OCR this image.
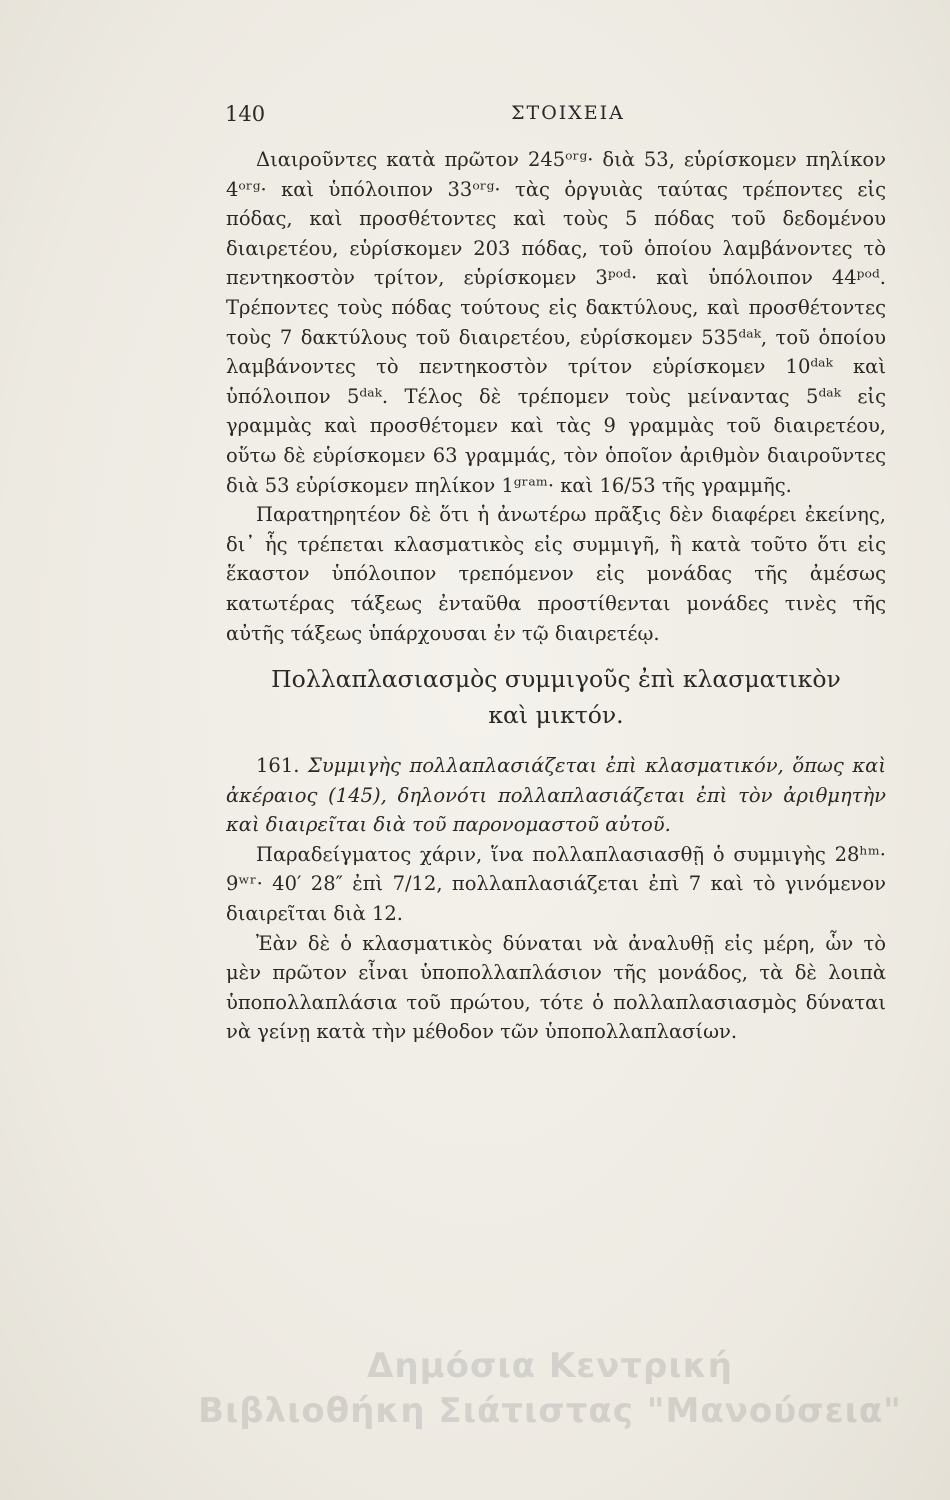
140	ΣΤΟΙΧΕΙΑ

Διαιροῦντες κατὰ πρῶτον 245ᵒʳᵍ· διὰ 53, εὑρίσκομεν πηλίκον 4ᵒʳᵍ· καὶ ὑπόλοιπον 33ᵒʳᵍ· τὰς ὀργυιὰς ταύτας τρέποντες εἰς πόδας, καὶ προσθέτοντες καὶ τοὺς 5 πόδας τοῦ δεδομένου διαιρετέου, εὑρίσκομεν 203 πόδας, τοῦ ὁποίου λαμβάνοντες τὸ πεντηκοστὸν τρίτον, εὑρίσκομεν 3ᵖᵒᵈ· καὶ ὑπόλοιπον 44ᵖᵒᵈ. Τρέποντες τοὺς πόδας τούτους εἰς δακτύλους, καὶ προσθέτοντες τοὺς 7 δακτύλους τοῦ διαιρετέου, εὑρίσκομεν 535ᵈᵃᵏ, τοῦ ὁποίου λαμβάνοντες τὸ πεντηκοστὸν τρίτον εὑρίσκομεν 10ᵈᵃᵏ καὶ ὑπόλοιπον 5ᵈᵃᵏ. Τέλος δὲ τρέπομεν τοὺς μείναντας 5ᵈᵃᵏ εἰς γραμμὰς καὶ προσθέτομεν καὶ τὰς 9 γραμμὰς τοῦ διαιρετέου, οὕτω δὲ εὑρίσκομεν 63 γραμμάς, τὸν ὁποῖον ἀριθμὸν διαιροῦντες διὰ 53 εὑρίσκομεν πηλίκον 1ᵍʳᵃᵐ· καὶ 16/53 τῆς γραμμῆς.

Παρατηρητέον δὲ ὅτι ἡ ἀνωτέρω πρᾶξις δὲν διαφέρει ἐκείνης, δι᾽ ἧς τρέπεται κλασματικὸς εἰς συμμιγῆ, ἢ κατὰ τοῦτο ὅτι εἰς ἕκαστον ὑπόλοιπον τρεπόμενον εἰς μονάδας τῆς ἀμέσως κατωτέρας τάξεως ἐνταῦθα προστίθενται μονάδες τινὲς τῆς αὐτῆς τάξεως ὑπάρχουσαι ἐν τῷ διαιρετέῳ.

Πολλαπλασιασμὸς συμμιγοῦς ἐπὶ κλασματικὸν
καὶ μικτόν.

161. Συμμιγὴς πολλαπλασιάζεται ἐπὶ κλασματικόν, ὅπως καὶ ἀκέραιος (145), δηλονότι πολλαπλασιάζεται ἐπὶ τὸν ἀριθμητὴν καὶ διαιρεῖται διὰ τοῦ παρονομαστοῦ αὐτοῦ.

Παραδείγματος χάριν, ἵνα πολλαπλασιασθῇ ὁ συμμιγὴς 28ʰᵐ· 9ʷʳ· 40′ 28″ ἐπὶ 7/12, πολλαπλασιάζεται ἐπὶ 7 καὶ τὸ γινόμενον διαιρεῖται διὰ 12.

Ἐὰν δὲ ὁ κλασματικὸς δύναται νὰ ἀναλυθῇ εἰς μέρη, ὧν τὸ μὲν πρῶτον εἶναι ὑποπολλαπλάσιον τῆς μονάδος, τὰ δὲ λοιπὰ ὑποπολλαπλάσια τοῦ πρώτου, τότε ὁ πολλαπλασιασμὸς δύναται νὰ γείνῃ κατὰ τὴν μέθοδον τῶν ὑποπολλαπλασίων.

Δημόσια Κεντρική
Βιβλιοθήκη Σιάτιστας "Μανούσεια"
